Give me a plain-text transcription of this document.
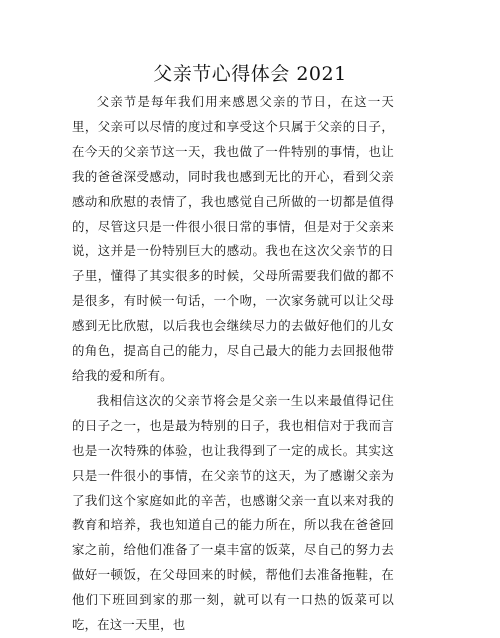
父亲节心得体会 2021

父亲节是每年我们用来感恩父亲的节日，在这一天里，父亲可以尽情的度过和享受这个只属于父亲的日子，在今天的父亲节这一天，我也做了一件特别的事情，也让我的爸爸深受感动，同时我也感到无比的开心，看到父亲感动和欣慰的表情了，我也感觉自己所做的一切都是值得的，尽管这只是一件很小很日常的事情，但是对于父亲来说，这并是一份特别巨大的感动。我也在这次父亲节的日子里，懂得了其实很多的时候，父母所需要我们做的都不是很多，有时候一句话，一个吻，一次家务就可以让父母感到无比欣慰，以后我也会继续尽力的去做好他们的儿女的角色，提高自己的能力，尽自己最大的能力去回报他带给我的爱和所有。

我相信这次的父亲节将会是父亲一生以来最值得记住的日子之一，也是最为特别的日子，我也相信对于我而言也是一次特殊的体验，也让我得到了一定的成长。其实这只是一件很小的事情，在父亲节的这天，为了感谢父亲为了我们这个家庭如此的辛苦，也感谢父亲一直以来对我的教育和培养，我也知道自己的能力所在，所以我在爸爸回家之前，给他们准备了一桌丰富的饭菜，尽自己的努力去做好一顿饭，在父母回来的时候，帮他们去准备拖鞋，在他们下班回到家的那一刻，就可以有一口热的饭菜可以吃，在这一天里，也
